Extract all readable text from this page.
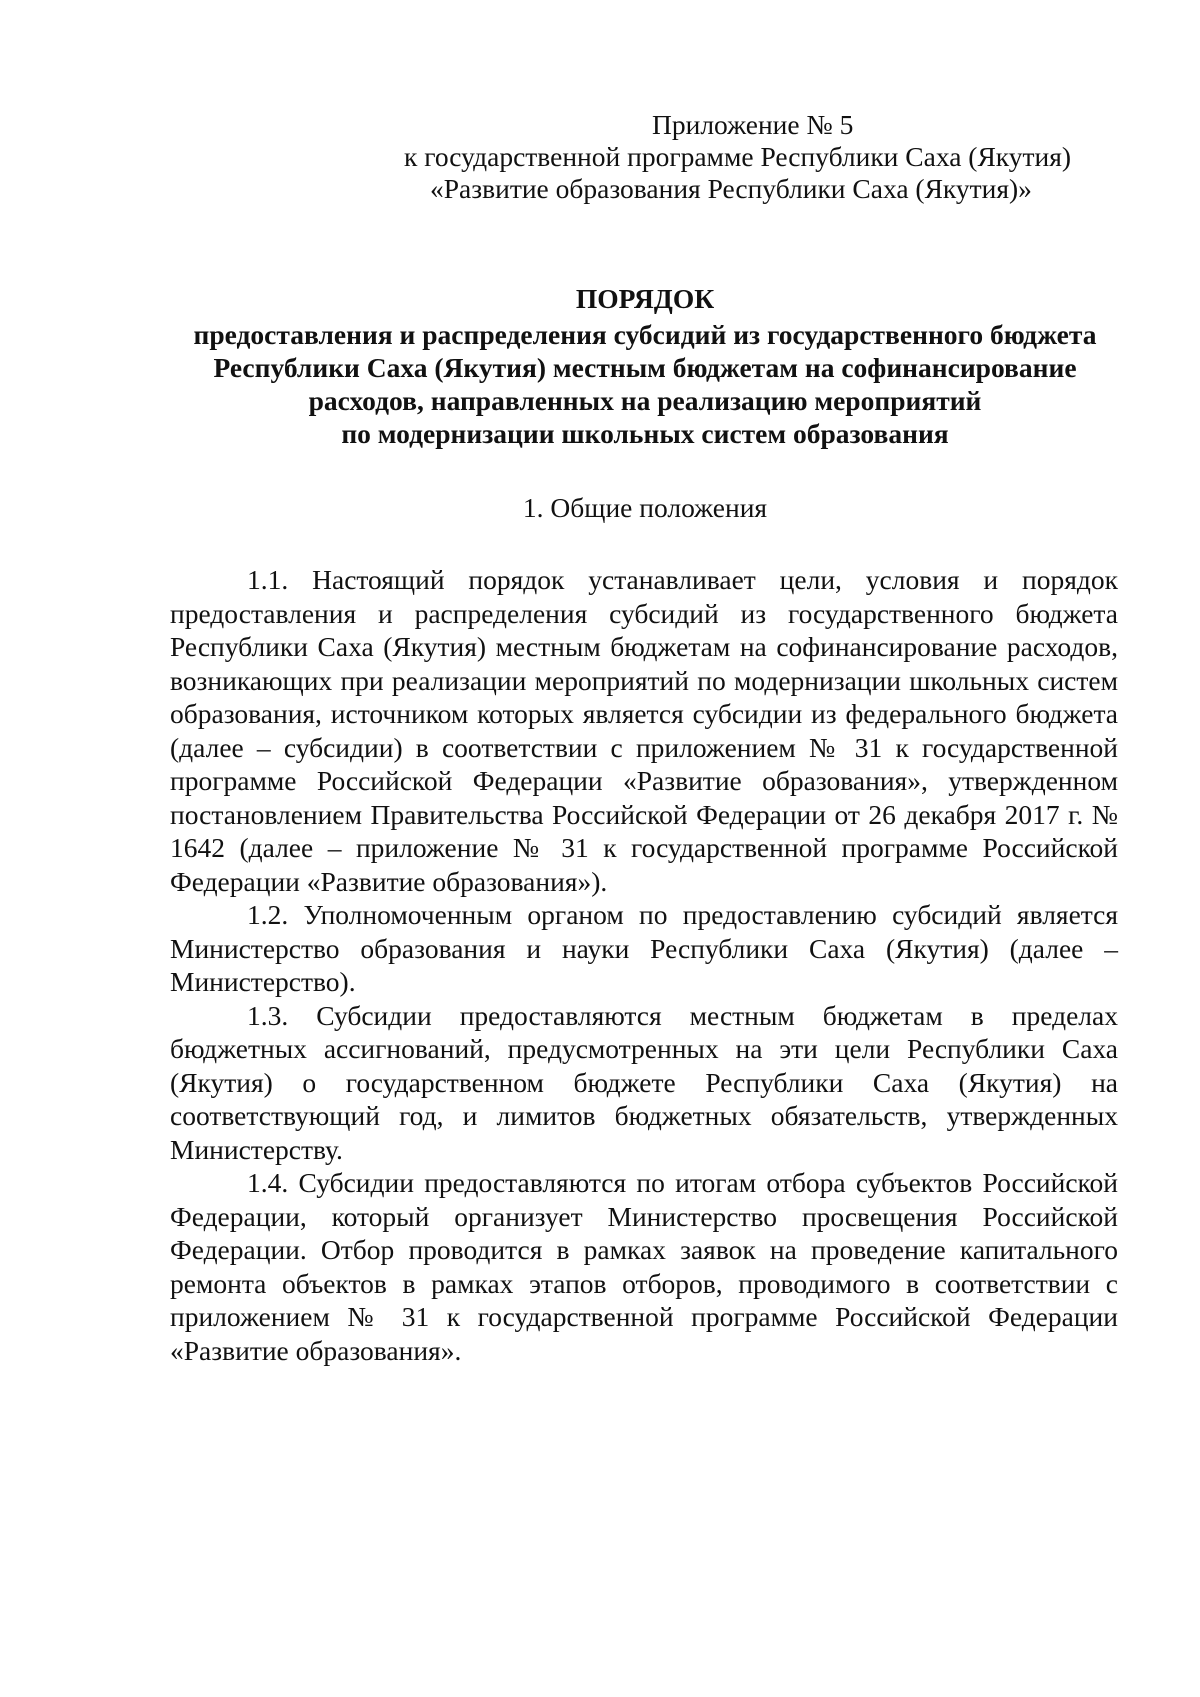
Приложение № 5
к государственной программе Республики Саха (Якутия)
«Развитие образования Республики Саха (Якутия)»
ПОРЯДОК
предоставления и распределения субсидий из государственного бюджета
Республики Саха (Якутия) местным бюджетам на софинансирование
расходов, направленных на реализацию мероприятий
по модернизации школьных систем образования
1. Общие положения

1.1. Настоящий порядок устанавливает цели, условия и порядок предоставления и распределения субсидий из государственного бюджета Республики Саха (Якутия) местным бюджетам на софинансирование расходов, возникающих при реализации мероприятий по модернизации школьных систем образования, источником которых является субсидии из федерального бюджета (далее – субсидии) в соответствии с приложением № 31 к государственной программе Российской Федерации «Развитие образования», утвержденном постановлением Правительства Российской Федерации от 26 декабря 2017 г. № 1642 (далее – приложение № 31 к государственной программе Российской Федерации «Развитие образования»).

1.2. Уполномоченным органом по предоставлению субсидий является Министерство образования и науки Республики Саха (Якутия) (далее – Министерство).

1.3. Субсидии предоставляются местным бюджетам в пределах бюджетных ассигнований, предусмотренных на эти цели Республики Саха (Якутия) о государственном бюджете Республики Саха (Якутия) на соответствующий год, и лимитов бюджетных обязательств, утвержденных Министерству.

1.4. Субсидии предоставляются по итогам отбора субъектов Российской Федерации, который организует Министерство просвещения Российской Федерации. Отбор проводится в рамках заявок на проведение капитального ремонта объектов в рамках этапов отборов, проводимого в соответствии с приложением № 31 к государственной программе Российской Федерации «Развитие образования».
